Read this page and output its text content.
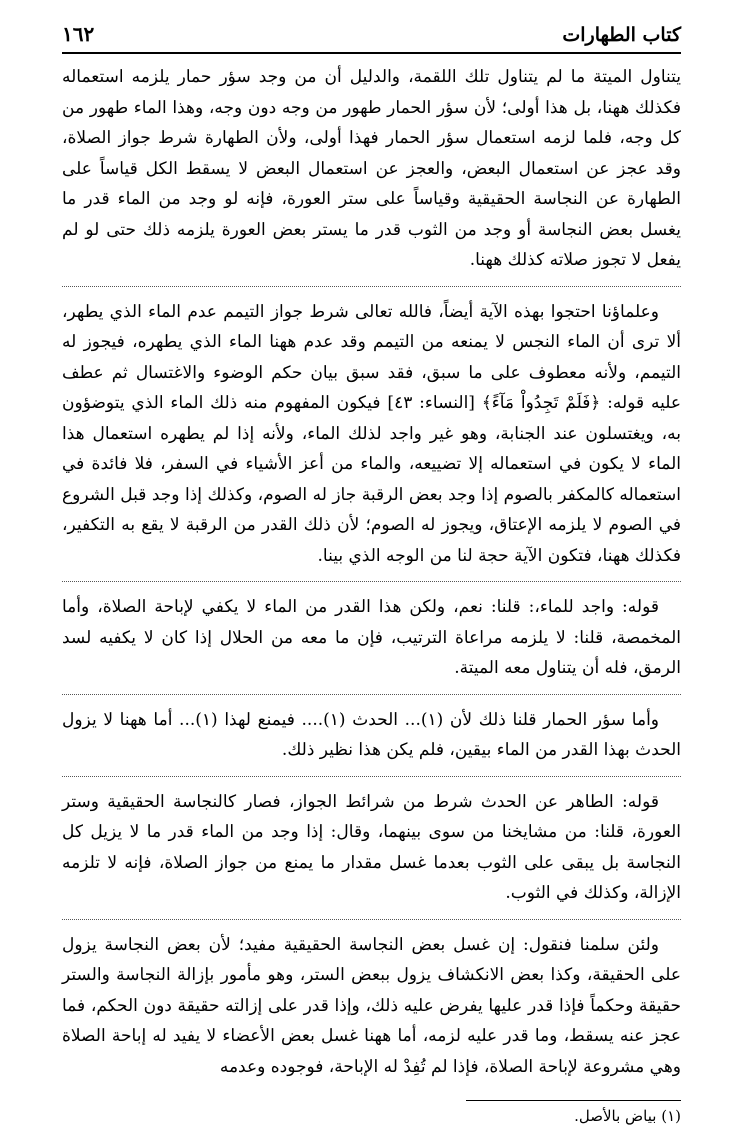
كتاب الطهارات
١٦٢

يتناول الميتة ما لم يتناول تلك اللقمة، والدليل أن من وجد سؤر حمار يلزمه استعماله فكذلك ههنا، بل هذا أولى؛ لأن سؤر الحمار طهور من وجه دون وجه، وهذا الماء طهور من كل وجه، فلما لزمه استعمال سؤر الحمار فهذا أولى، ولأن الطهارة شرط جواز الصلاة، وقد عجز عن استعمال البعض، والعجز عن استعمال البعض لا يسقط الكل قياساً على الطهارة عن النجاسة الحقيقية وقياساً على ستر العورة، فإنه لو وجد من الماء قدر ما يغسل بعض النجاسة أو وجد من الثوب قدر ما يستر بعض العورة يلزمه ذلك حتى لو لم يفعل لا تجوز صلاته كذلك ههنا.

وعلماؤنا احتجوا بهذه الآية أيضاً، فالله تعالى شرط جواز التيمم عدم الماء الذي يطهر، ألا ترى أن الماء النجس لا يمنعه من التيمم وقد عدم ههنا الماء الذي يطهره، فيجوز له التيمم، ولأنه معطوف على ما سبق، فقد سبق بيان حكم الوضوء والاغتسال ثم عطف عليه قوله: ﴿فَلَمْ تَجِدُواْ مَآءً﴾ [النساء: ٤٣] فيكون المفهوم منه ذلك الماء الذي يتوضؤون به، ويغتسلون عند الجنابة، وهو غير واجد لذلك الماء، ولأنه إذا لم يطهره استعمال هذا الماء لا يكون في استعماله إلا تضييعه، والماء من أعز الأشياء في السفر، فلا فائدة في استعماله كالمكفر بالصوم إذا وجد بعض الرقبة جاز له الصوم، وكذلك إذا وجد قبل الشروع في الصوم لا يلزمه الإعتاق، ويجوز له الصوم؛ لأن ذلك القدر من الرقبة لا يقع به التكفير، فكذلك ههنا، فتكون الآية حجة لنا من الوجه الذي بينا.

قوله: واجد للماء،: قلنا: نعم، ولكن هذا القدر من الماء لا يكفي لإباحة الصلاة، وأما المخمصة، قلنا: لا يلزمه مراعاة الترتيب، فإن ما معه من الحلال إذا كان لا يكفيه لسد الرمق، فله أن يتناول معه الميتة.

وأما سؤر الحمار قلنا ذلك لأن (١)... الحدث (١).... فيمنع لهذا (١)... أما ههنا لا يزول الحدث بهذا القدر من الماء بيقين، فلم يكن هذا نظير ذلك.

قوله: الطاهر عن الحدث شرط من شرائط الجواز، فصار كالنجاسة الحقيقية وستر العورة، قلنا: من مشايخنا من سوى بينهما، وقال: إذا وجد من الماء قدر ما لا يزيل كل النجاسة بل يبقى على الثوب بعدما غسل مقدار ما يمنع من جواز الصلاة، فإنه لا تلزمه الإزالة، وكذلك في الثوب.

ولئن سلمنا فنقول: إن غسل بعض النجاسة الحقيقية مفيد؛ لأن بعض النجاسة يزول على الحقيقة، وكذا بعض الانكشاف يزول ببعض الستر، وهو مأمور بإزالة النجاسة والستر حقيقة وحكماً فإذا قدر عليها يفرض عليه ذلك، وإذا قدر على إزالته حقيقة دون الحكم، فما عجز عنه يسقط، وما قدر عليه لزمه، أما ههنا غسل بعض الأعضاء لا يفيد له إباحة الصلاة وهي مشروعة لإباحة الصلاة، فإذا لم تُفِدْ له الإباحة، فوجوده وعدمه

(١) بياض بالأصل.
